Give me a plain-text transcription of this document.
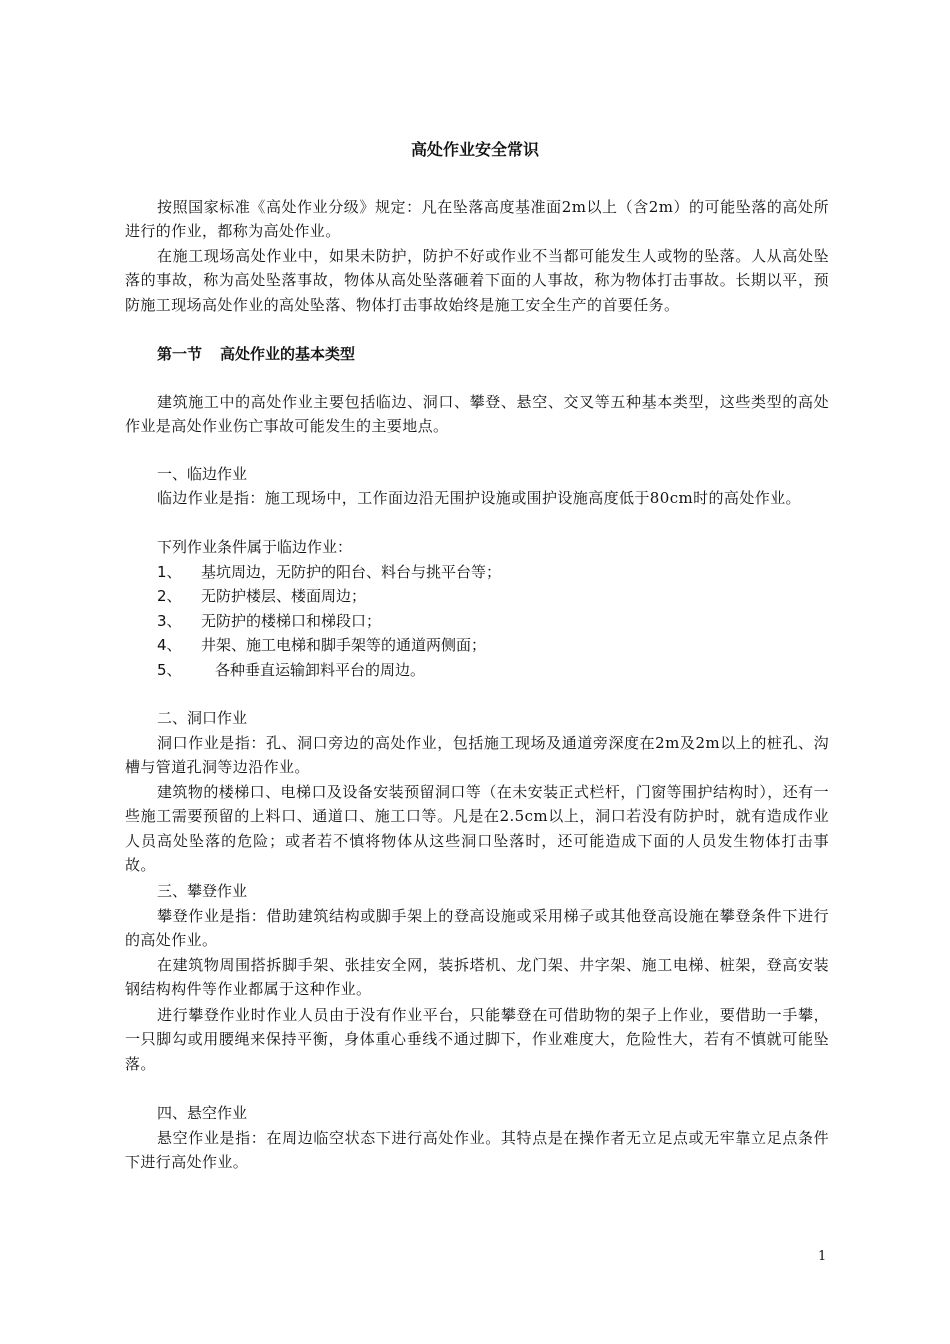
高处作业安全常识
按照国家标准《高处作业分级》规定：凡在坠落高度基准面2m以上（含2m）的可能坠落的高处所进行的作业，都称为高处作业。
在施工现场高处作业中，如果未防护，防护不好或作业不当都可能发生人或物的坠落。人从高处坠落的事故，称为高处坠落事故，物体从高处坠落砸着下面的人事故，称为物体打击事故。长期以平，预防施工现场高处作业的高处坠落、物体打击事故始终是施工安全生产的首要任务。
第一节 高处作业的基本类型
建筑施工中的高处作业主要包括临边、洞口、攀登、悬空、交叉等五种基本类型，这些类型的高处作业是高处作业伤亡事故可能发生的主要地点。
一、临边作业
临边作业是指：施工现场中，工作面边沿无围护设施或围护设施高度低于80cm时的高处作业。
下列作业条件属于临边作业：
1、 基坑周边，无防护的阳台、料台与挑平台等；
2、 无防护楼层、楼面周边；
3、 无防护的楼梯口和梯段口；
4、 井架、施工电梯和脚手架等的通道两侧面；
5、 各种垂直运输卸料平台的周边。
二、洞口作业
洞口作业是指：孔、洞口旁边的高处作业，包括施工现场及通道旁深度在2m及2m以上的桩孔、沟槽与管道孔洞等边沿作业。
建筑物的楼梯口、电梯口及设备安装预留洞口等（在未安装正式栏杆，门窗等围护结构时），还有一些施工需要预留的上料口、通道口、施工口等。凡是在2.5cm以上，洞口若没有防护时，就有造成作业人员高处坠落的危险；或者若不慎将物体从这些洞口坠落时，还可能造成下面的人员发生物体打击事故。
三、攀登作业
攀登作业是指：借助建筑结构或脚手架上的登高设施或采用梯子或其他登高设施在攀登条件下进行的高处作业。
在建筑物周围搭拆脚手架、张挂安全网，装拆塔机、龙门架、井字架、施工电梯、桩架，登高安装钢结构构件等作业都属于这种作业。
进行攀登作业时作业人员由于没有作业平台，只能攀登在可借助物的架子上作业，要借助一手攀，一只脚勾或用腰绳来保持平衡，身体重心垂线不通过脚下，作业难度大，危险性大，若有不慎就可能坠落。
四、悬空作业
悬空作业是指：在周边临空状态下进行高处作业。其特点是在操作者无立足点或无牢靠立足点条件下进行高处作业。
1
